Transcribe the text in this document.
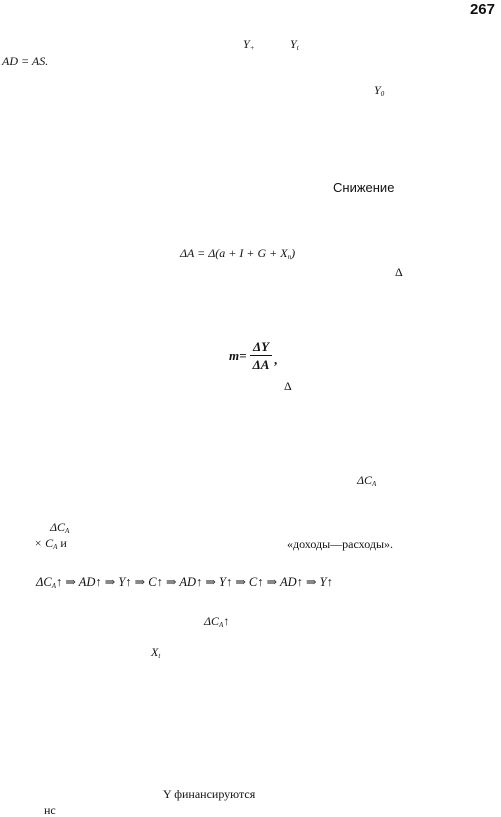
267
$Y_+$	$Y_t$
AD = AS.
$Y_0$
Снижение
$\Delta A = \Delta(a + I + G + X_n)$
Δ
m=
ΔY
ΔA ,
Δ
$\Delta C_A$
$\Delta C_A$
× $C_A$ и	«доходы—расходы».
$\Delta C_A↑$ ⇒ AD↑ ⇒ Y↑ ⇒ C↑ ⇒ AD↑ ⇒ Y↑ ⇒ C↑ ⇒ AD↑ ⇒ Y↑
$\Delta C_A↑$
$X_t$
Y финансируются
нс
